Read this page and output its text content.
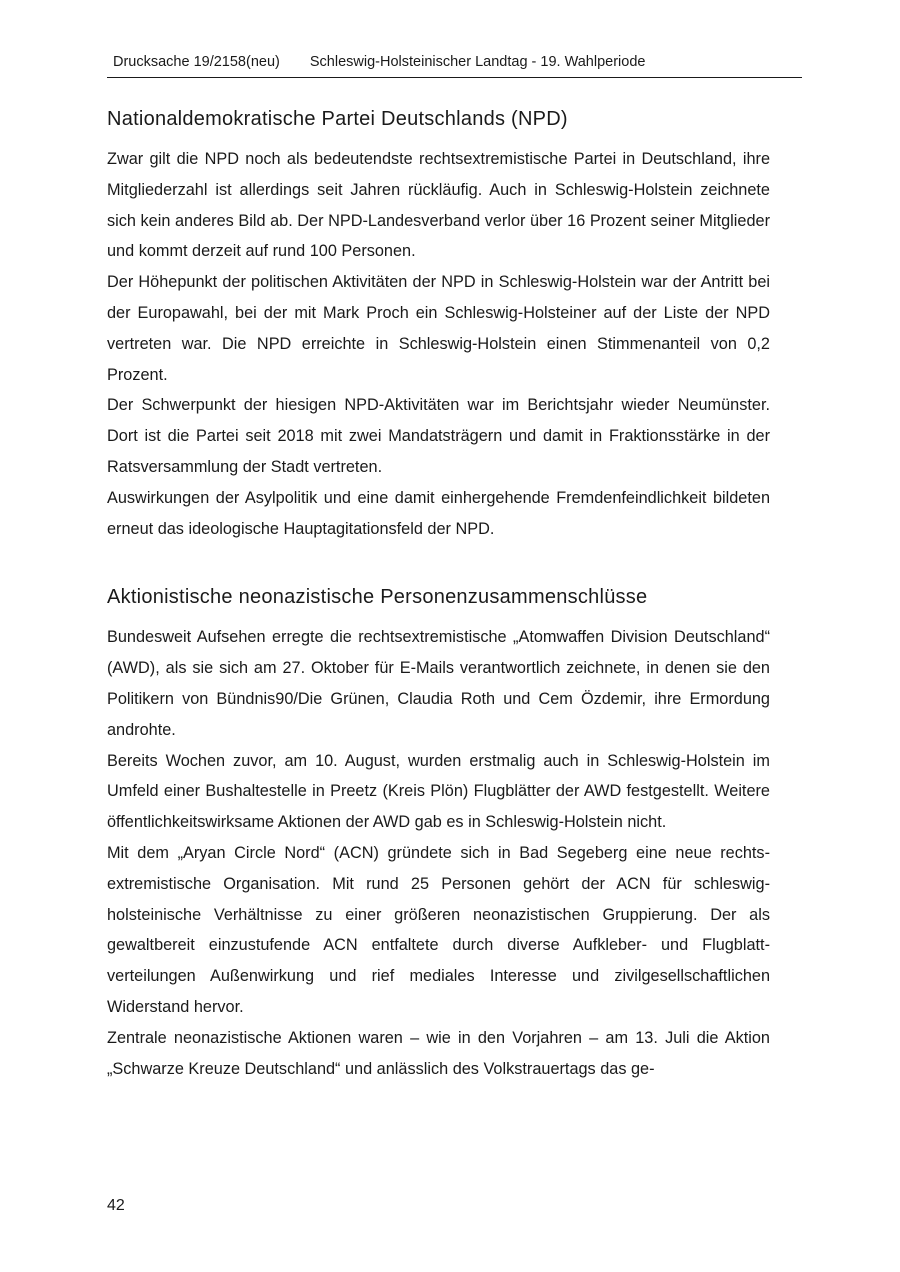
Drucksache 19/2158(neu) Schleswig-Holsteinischer Landtag - 19. Wahlperiode
Nationaldemokratische Partei Deutschlands (NPD)

Zwar gilt die NPD noch als bedeutendste rechtsextremistische Partei in Deutschland, ihre Mitgliederzahl ist allerdings seit Jahren rückläufig. Auch in Schleswig-Holstein zeichnete sich kein anderes Bild ab. Der NPD-Landesverband verlor über 16 Prozent seiner Mitglieder und kommt derzeit auf rund 100 Personen.

Der Höhepunkt der politischen Aktivitäten der NPD in Schleswig-Holstein war der Antritt bei der Europawahl, bei der mit Mark Proch ein Schleswig-Holsteiner auf der Liste der NPD vertreten war. Die NPD erreichte in Schleswig-Holstein einen Stimmenanteil von 0,2 Prozent.

Der Schwerpunkt der hiesigen NPD-Aktivitäten war im Berichtsjahr wieder Neumünster. Dort ist die Partei seit 2018 mit zwei Mandatsträgern und damit in Fraktionsstärke in der Ratsversammlung der Stadt vertreten.

Auswirkungen der Asylpolitik und eine damit einhergehende Fremdenfeindlichkeit bildeten erneut das ideologische Hauptagitationsfeld der NPD.

Aktionistische neonazistische Personenzusammenschlüsse

Bundesweit Aufsehen erregte die rechtsextremistische „Atomwaffen Division Deutschland“ (AWD), als sie sich am 27. Oktober für E-Mails verantwortlich zeichnete, in denen sie den Politikern von Bündnis90/Die Grünen, Claudia Roth und Cem Özdemir, ihre Ermordung androhte.

Bereits Wochen zuvor, am 10. August, wurden erstmalig auch in Schleswig-Holstein im Umfeld einer Bushaltestelle in Preetz (Kreis Plön) Flugblätter der AWD festgestellt. Weitere öffentlichkeitswirksame Aktionen der AWD gab es in Schleswig-Holstein nicht.

Mit dem „Aryan Circle Nord“ (ACN) gründete sich in Bad Segeberg eine neue rechtsextremistische Organisation. Mit rund 25 Personen gehört der ACN für schleswigholsteinische Verhältnisse zu einer größeren neonazistischen Gruppierung. Der als gewaltbereit einzustufende ACN entfaltete durch diverse Aufkleber- und Flugblattverteilungen Außenwirkung und rief mediales Interesse und zivilgesellschaftlichen Widerstand hervor.

Zentrale neonazistische Aktionen waren – wie in den Vorjahren – am 13. Juli die Aktion „Schwarze Kreuze Deutschland“ und anlässlich des Volkstrauertags das ge-

42
